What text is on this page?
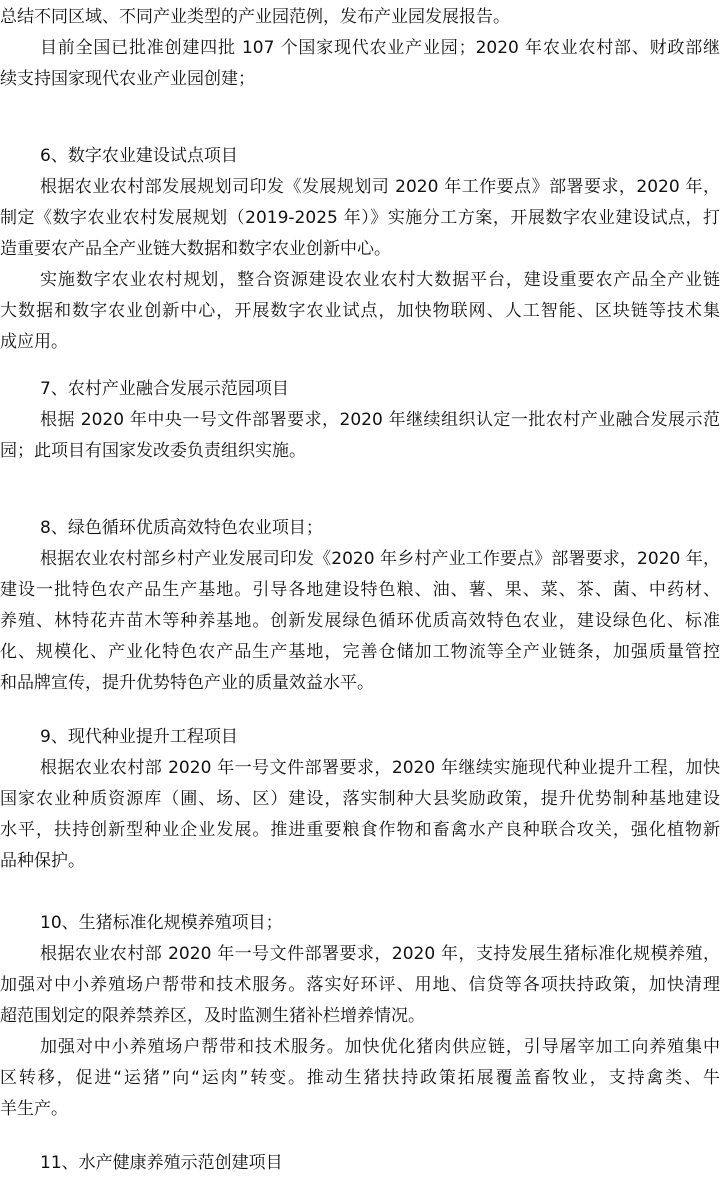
总结不同区域、不同产业类型的产业园范例，发布产业园发展报告。
目前全国已批准创建四批 107 个国家现代农业产业园；2020 年农业农村部、财政部继
续支持国家现代农业产业园创建；
6、数字农业建设试点项目
根据农业农村部发展规划司印发《发展规划司 2020 年工作要点》部署要求，2020 年，
制定《数字农业农村发展规划（2019-2025 年）》实施分工方案，开展数字农业建设试点，打
造重要农产品全产业链大数据和数字农业创新中心。
实施数字农业农村规划，整合资源建设农业农村大数据平台，建设重要农产品全产业链
大数据和数字农业创新中心，开展数字农业试点，加快物联网、人工智能、区块链等技术集
成应用。
7、农村产业融合发展示范园项目
根据 2020 年中央一号文件部署要求，2020 年继续组织认定一批农村产业融合发展示范
园；此项目有国家发改委负责组织实施。
8、绿色循环优质高效特色农业项目；
根据农业农村部乡村产业发展司印发《2020 年乡村产业工作要点》部署要求，2020 年，
建设一批特色农产品生产基地。引导各地建设特色粮、油、薯、果、菜、茶、菌、中药材、
养殖、林特花卉苗木等种养基地。创新发展绿色循环优质高效特色农业，建设绿色化、标准
化、规模化、产业化特色农产品生产基地，完善仓储加工物流等全产业链条，加强质量管控
和品牌宣传，提升优势特色产业的质量效益水平。
9、现代种业提升工程项目
根据农业农村部 2020 年一号文件部署要求，2020 年继续实施现代种业提升工程，加快
国家农业种质资源库（圃、场、区）建设，落实制种大县奖励政策，提升优势制种基地建设
水平，扶持创新型种业企业发展。推进重要粮食作物和畜禽水产良种联合攻关，强化植物新
品种保护。
10、生猪标准化规模养殖项目；
根据农业农村部 2020 年一号文件部署要求，2020 年，支持发展生猪标准化规模养殖，
加强对中小养殖场户帮带和技术服务。落实好环评、用地、信贷等各项扶持政策，加快清理
超范围划定的限养禁养区，及时监测生猪补栏增养情况。
加强对中小养殖场户帮带和技术服务。加快优化猪肉供应链，引导屠宰加工向养殖集中
区转移，促进“运猪”向“运肉”转变。推动生猪扶持政策拓展覆盖畜牧业，支持禽类、牛
羊生产。
11、水产健康养殖示范创建项目
